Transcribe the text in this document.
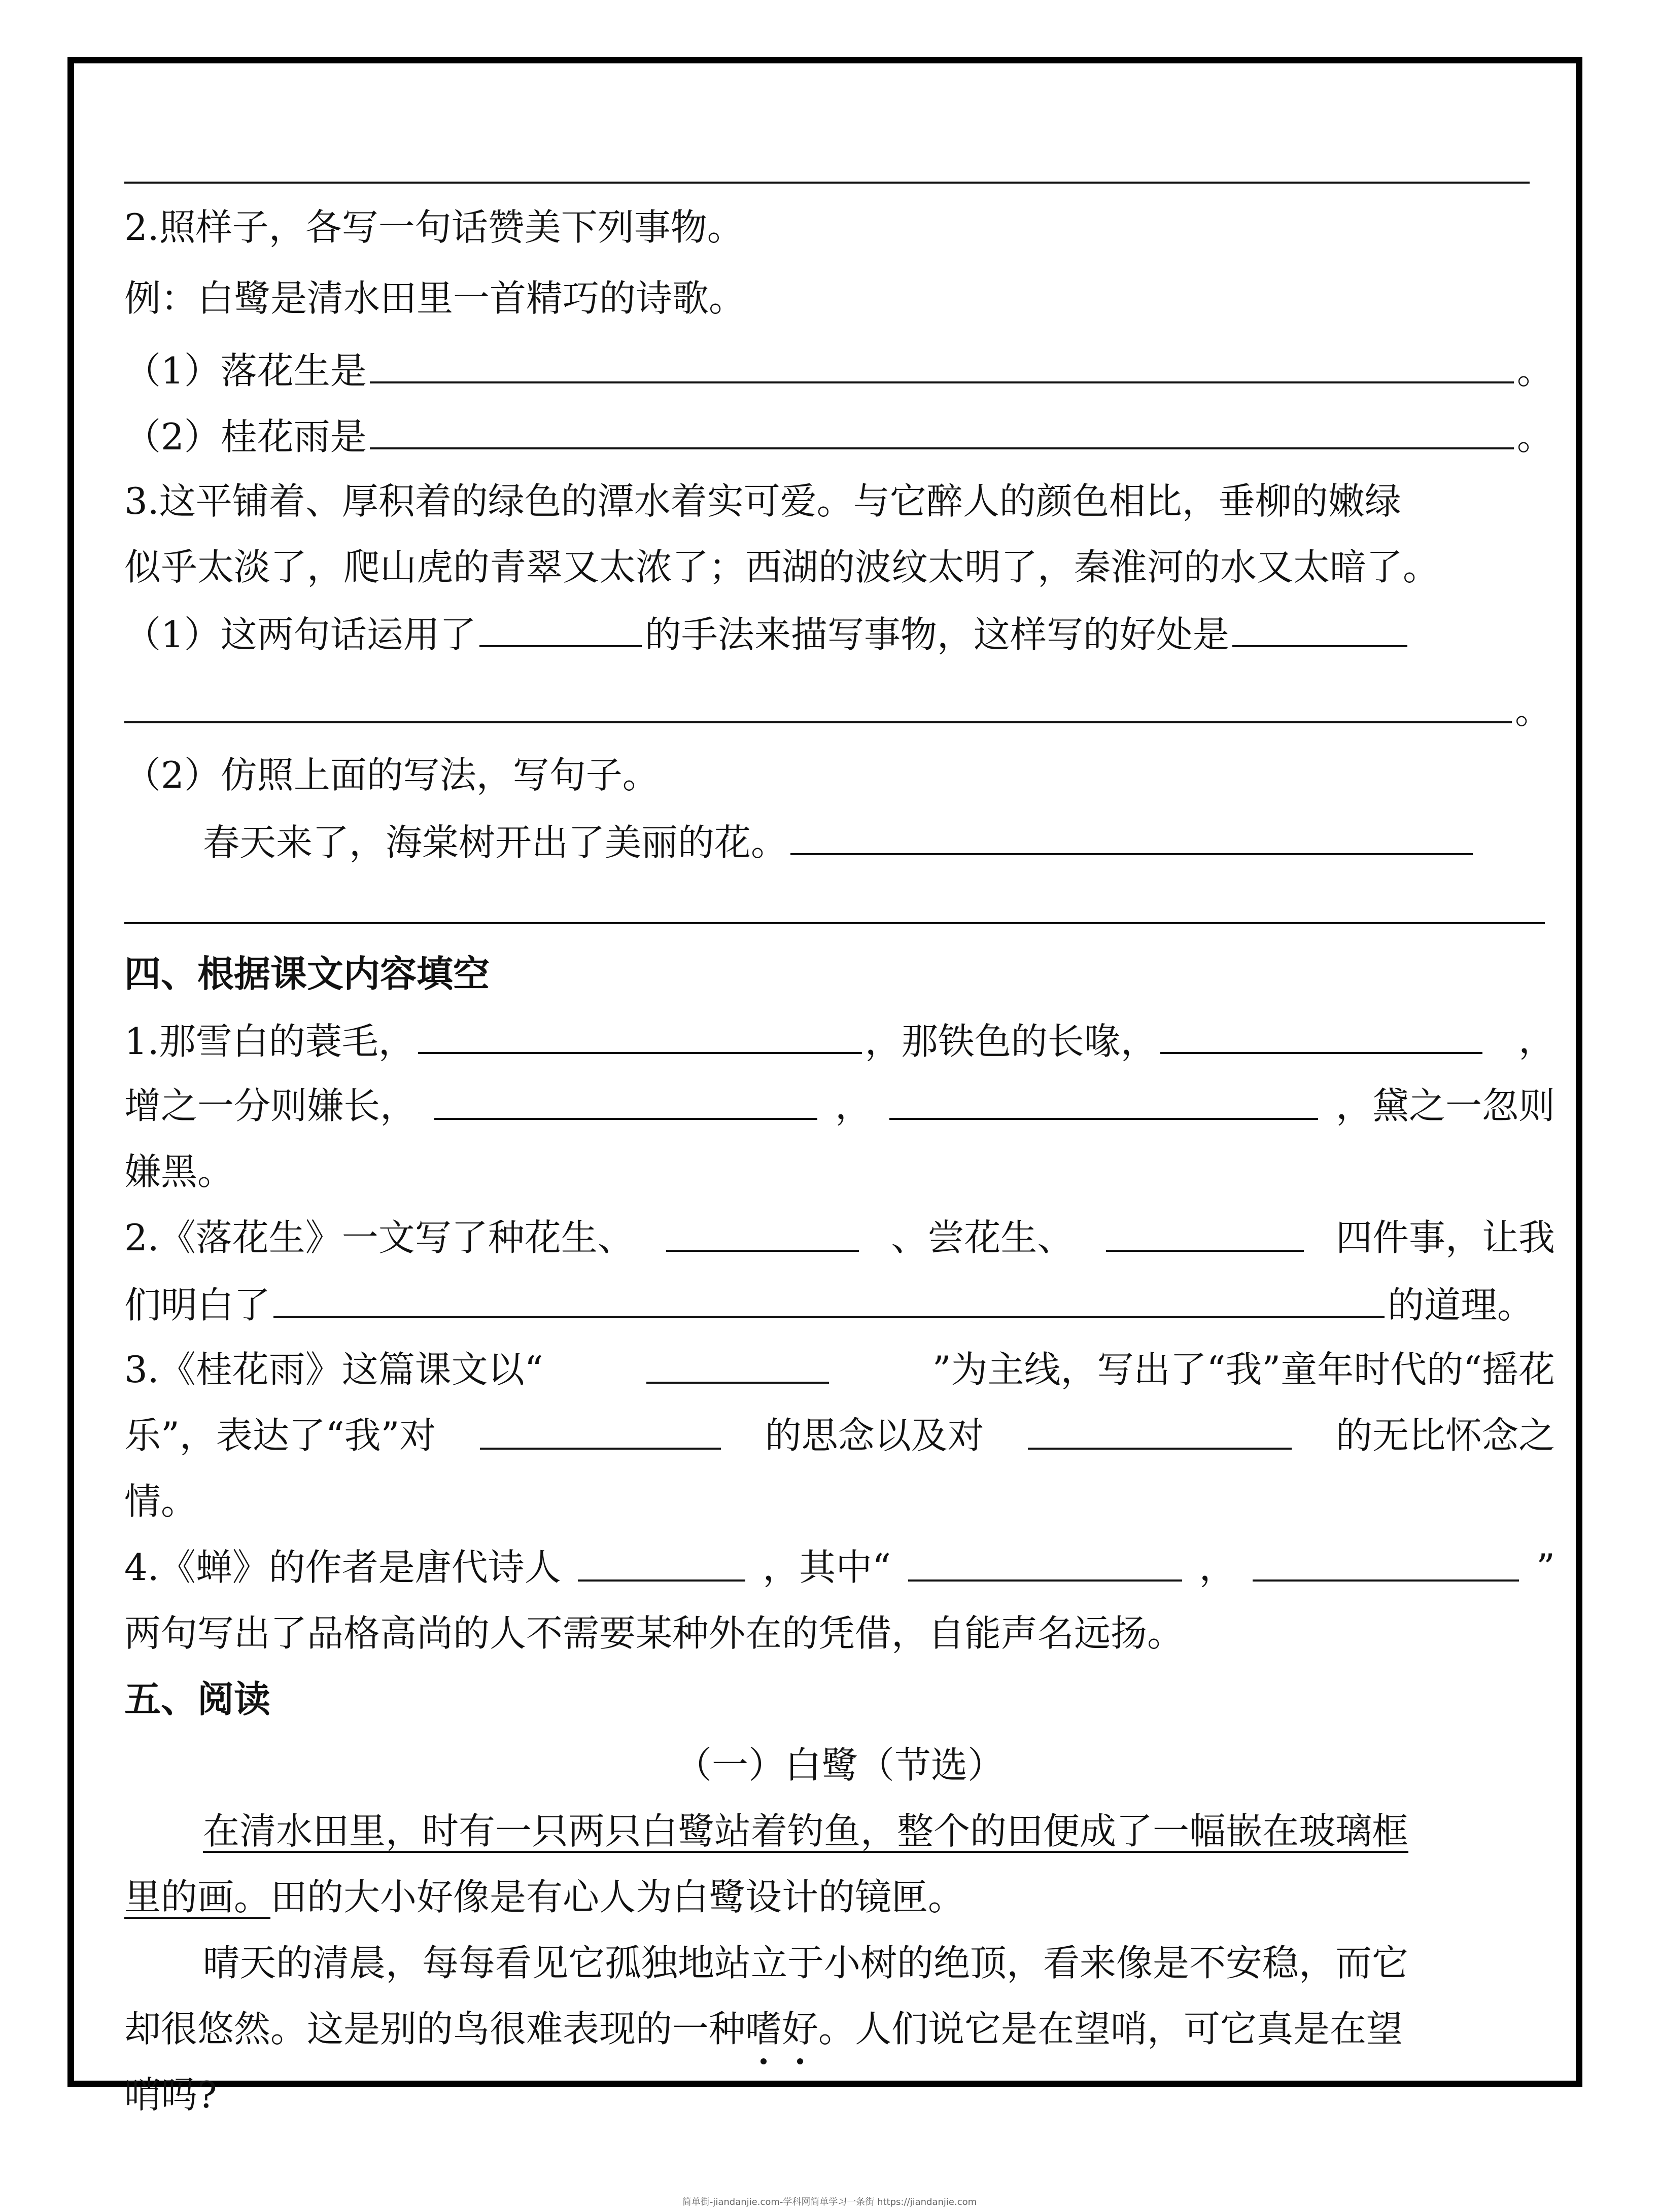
2.照样子，各写一句话赞美下列事物。
例：白鹭是清水田里一首精巧的诗歌。
（1）落花生是	。
（2）桂花雨是	。
3.这平铺着、厚积着的绿色的潭水着实可爱。与它醉人的颜色相比，垂柳的嫩绿
似乎太淡了，爬山虎的青翠又太浓了；西湖的波纹太明了，秦淮河的水又太暗了。
（1）这两句话运用了	的手法来描写事物，这样写的好处是
。
（2）仿照上面的写法，写句子。
春天来了，海棠树开出了美丽的花。
四、根据课文内容填空
1.那雪白的蓑毛，	，那铁色的长喙，	，
增之一分则嫌长，	，	，黛之一忽则
嫌黑。
2.《落花生》一文写了种花生、	、尝花生、	四件事，让我
们明白了	的道理。
3.《桂花雨》这篇课文以“	”为主线，写出了“我”童年时代的“摇花
乐”，表达了“我”对	的思念以及对	的无比怀念之
情。
4.《蝉》的作者是唐代诗人	，其中“	，	”
两句写出了品格高尚的人不需要某种外在的凭借，自能声名远扬。
五、阅读
（一）白鹭（节选）
在清水田里，时有一只两只白鹭站着钓鱼，整个的田便成了一幅嵌在玻璃框
里的画。田的大小好像是有心人为白鹭设计的镜匣。
晴天的清晨，每每看见它孤独地站立于小树的绝顶，看来像是不安稳，而它
却很悠然。这是别的鸟很难表现的一种嗜好。人们说它是在望哨，可它真是在望
哨吗?
简单街-jiandanjie.com-学科网简单学习一条街 https://jiandanjie.com
